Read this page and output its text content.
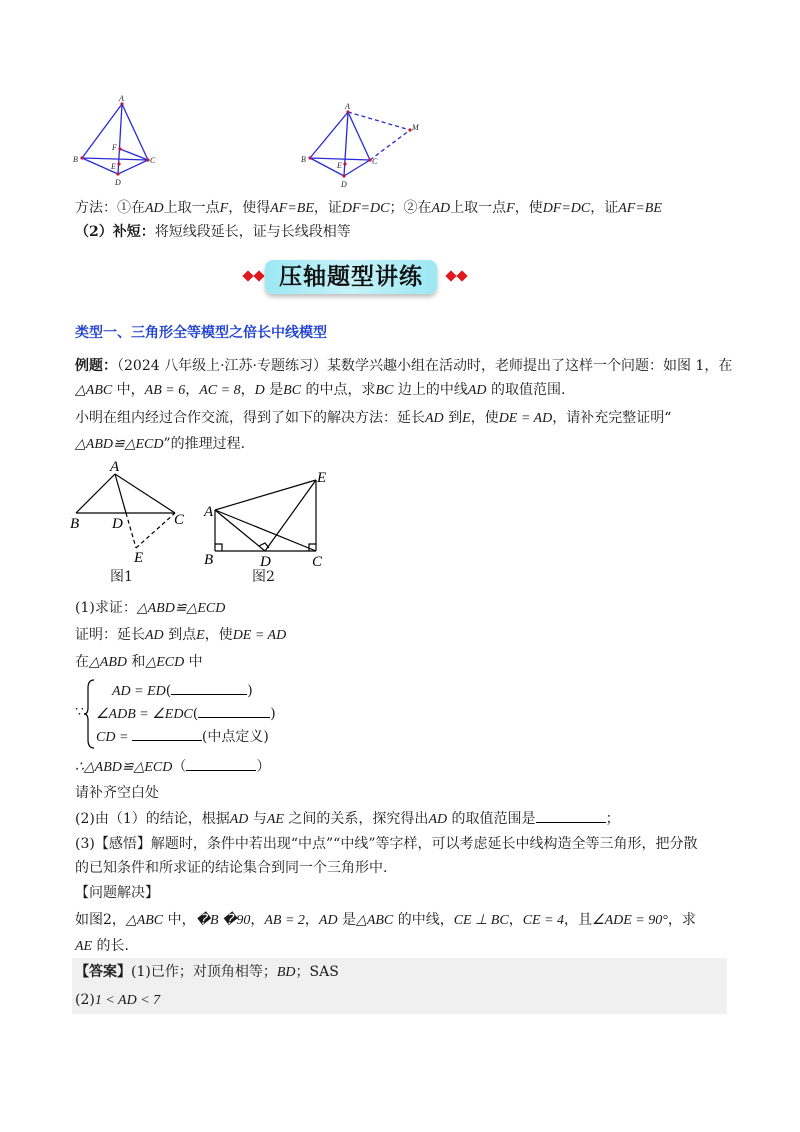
A
B
F
E
C
D
A
M
B
E	C
D
方法：①在AD上取一点F，使得AF=BE，证DF=DC；②在AD上取一点F，使DF=DC，证AF=BE
（2）补短：将短线段延长，证与长线段相等
压轴题型讲练
类型一、三角形全等模型之倍长中线模型
例题：（2024 八年级上·江苏·专题练习）某数学兴趣小组在活动时，老师提出了这样一个问题：如图 1，在
△ABC 中，AB = 6，AC = 8，D 是BC 的中点，求BC 边上的中线AD 的取值范围.
小明在组内经过合作交流，得到了如下的解决方法：延长AD 到E，使DE = AD，请补充完整证明“
△ABD≌△ECD”的推理过程.
A
B D	C
E
E
A
B	D	C
图1	图2
(1)求证：△ABD≌△ECD
证明：延长AD 到点E，使DE = AD
在△ABD 和△ECD 中
∵
AD = ED(	)
∠ADB = ∠EDC(	)
CD =	(中点定义)
∴△ABD≌△ECD（	）
请补齐空白处
(2)由（1）的结论，根据AD 与AE 之间的关系，探究得出AD 的取值范围是	；
(3)【感悟】解题时，条件中若出现“中点”“中线”等字样，可以考虑延长中线构造全等三角形，把分散
的已知条件和所求证的结论集合到同一个三角形中.
【问题解决】
如图2，△ABC 中，�B �90，AB = 2，AD 是△ABC 的中线，CE ⊥ BC，CE = 4，且∠ADE = 90°，求
AE 的长.
【答案】(1)已作；对顶角相等；BD；SAS
(2)1 < AD < 7
